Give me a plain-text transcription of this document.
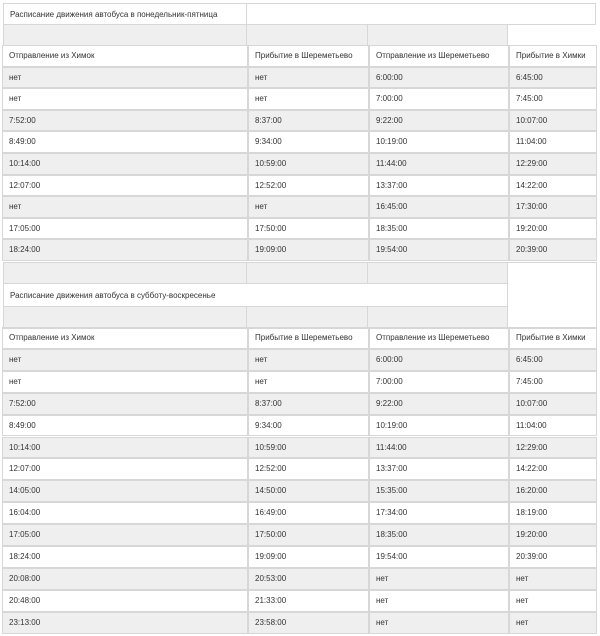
Расписание движения автобуса в понедельник-пятница
Отправление из Химок	Прибытие в Шереметьево	Отправление из Шереметьево	Прибытие в Химки
нет	нет	6:00:00	6:45:00
нет	нет	7:00:00	7:45:00
7:52:00	8:37:00	9:22:00	10:07:00
8:49:00	9:34:00	10:19:00	11:04:00
10:14:00	10:59:00	11:44:00	12:29:00
12:07:00	12:52:00	13:37:00	14:22:00
нет	нет	16:45:00	17:30:00
17:05:00	17:50:00	18:35:00	19:20:00
18:24:00	19:09:00	19:54:00	20:39:00
Расписание движения автобуса в субботу-воскресенье
Отправление из Химок	Прибытие в Шереметьево	Отправление из Шереметьево	Прибытие в Химки
нет	нет	6:00:00	6:45:00
нет	нет	7:00:00	7:45:00
7:52:00	8:37:00	9:22:00	10:07:00
8:49:00	9:34:00	10:19:00	11:04:00
10:14:00	10:59:00	11:44:00	12:29:00
12:07:00	12:52:00	13:37:00	14:22:00
14:05:00	14:50:00	15:35:00	16:20:00
16:04:00	16:49:00	17:34:00	18:19:00
17:05:00	17:50:00	18:35:00	19:20:00
18:24:00	19:09:00	19:54:00	20:39:00
20:08:00	20:53:00	нет	нет
20:48:00	21:33:00	нет	нет
23:13:00	23:58:00	нет	нет
